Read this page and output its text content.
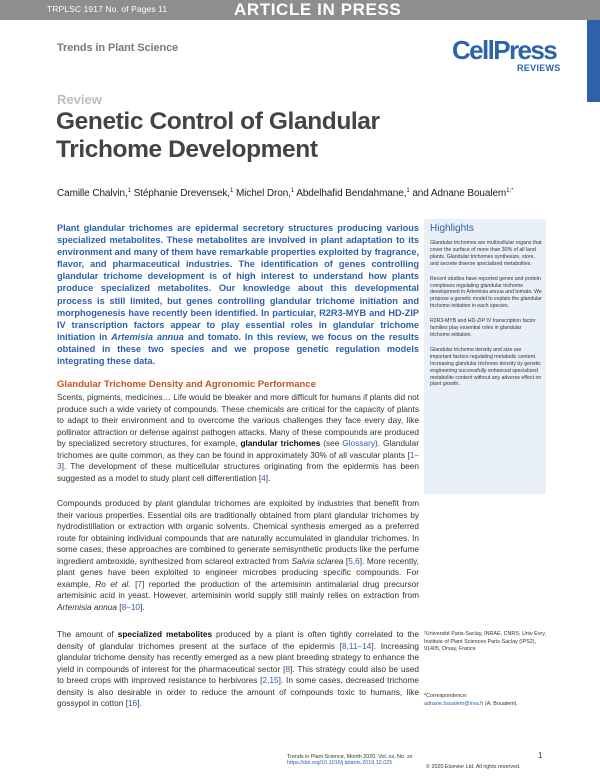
TRPLSC 1917 No. of Pages 11	ARTICLE IN PRESS
Trends in Plant Science	CellPress
REVIEWS
Review
Genetic Control of Glandular Trichome Development
Camille Chalvin,$^1$ Stéphanie Drevensek,$^1$ Michel Dron,$^1$ Abdelhafid Bendahmane,$^1$ and Adnane Boualem$^{1,*}$
Plant glandular trichomes are epidermal secretory structures producing various specialized metabolites. These metabolites are involved in plant adaptation to its environment and many of them have remarkable properties exploited by fragrance, flavor, and pharmaceutical industries. The identification of genes controlling glandular trichome development is of high interest to understand how plants produce specialized metabolites. Our knowledge about this developmental process is still limited, but genes controlling glandular trichome initiation and morphogenesis have recently been identified. In particular, R2R3-MYB and HD-ZIP IV transcription factors appear to play essential roles in glandular trichome initiation in Artemisia annua and tomato. In this review, we focus on the results obtained in these two species and we propose genetic regulation models integrating these data.
Highlights

Glandular trichomes are multicellular organs that cover the surface of more than 30% of all land plants. Glandular trichomes synthesize, store, and secrete diverse specialized metabolites.

Recent studies have reported genes and protein complexes regulating glandular trichome development in Artemisia annua and tomato. We propose a genetic model to explain the glandular trichome initiation in each species.

R2R3-MYB and HD-ZIP IV transcription factor families play essential roles in glandular trichome initiation.

Glandular trichome density and size are important factors regulating metabolic content. Increasing glandular trichome density by genetic engineering successfully enhanced specialized metabolite content without any adverse effect on plant growth.

Glandular Trichome Density and Agronomic Performance
Scents, pigments, medicines… Life would be bleaker and more difficult for humans if plants did not produce such a wide variety of compounds. These chemicals are critical for the capacity of plants to adapt to their environment and to overcome the various challenges they face every day, like pollinator attraction or defense against pathogen attacks. Many of these compounds are produced by specialized secretory structures, for example, glandular trichomes (see Glossary). Glandular trichomes are quite common, as they can be found in approximately 30% of all vascular plants [1–3]. The development of these multicellular structures originating from the epidermis has been suggested as a model to study plant cell differentiation [4].
Compounds produced by plant glandular trichomes are exploited by industries that benefit from their various properties. Essential oils are traditionally obtained from plant glandular trichomes by hydrodistillation or extraction with organic solvents. Chemical synthesis emerged as a preferred route for obtaining individual compounds that are naturally accumulated in glandular trichomes. In some cases, these approaches are combined to generate semisynthetic products like the perfume ingredient ambroxide, synthesized from sclareol extracted from Salvia sclarea [5,6]. More recently, plant genes have been exploited to engineer microbes producing specific compounds. For example, Ro et al. [7] reported the production of the artemisinin antimalarial drug precursor artemisinic acid in yeast. However, artemisinin world supply still mainly relies on extraction from Artemisia annua [8–10].
The amount of specialized metabolites produced by a plant is often tightly correlated to the density of glandular trichomes present at the surface of the epidermis [8,11–14]. Increasing glandular trichome density has recently emerged as a new plant breeding strategy to enhance the yield in compounds of interest for the pharmaceutical sector [8]. This strategy could also be used to breed crops with improved resistance to herbivores [2,15]. In some cases, decreased trichome density is also desirable in order to reduce the amount of compounds toxic to humans, like gossypol in cotton [16].
¹Université Paris-Saclay, INRAE, CNRS, Univ Evry, Institute of Plant Sciences Paris-Saclay (IPS2), 91405, Orsay, France
*Correspondence:
adnane.boualem@inra.fr (A. Boualem).
Trends in Plant Science, Month 2020, Vol. xx, No. xx
https://doi.org/10.1016/j.tplants.2019.12.025
1
© 2020 Elsevier Ltd. All rights reserved.
